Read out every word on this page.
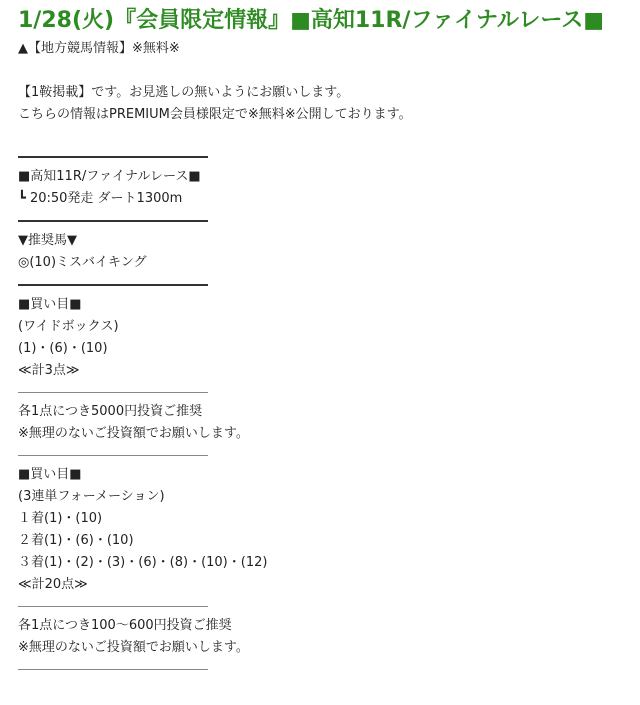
1/28(火)『会員限定情報』■高知11R/ファイナルレース■

▲【地方競馬情報】※無料※

【1鞍掲載】です。お見逃しの無いようにお願いします。

こちらの情報はPREMIUM会員様限定で※無料※公開しております。

■高知11R/ファイナルレース■

┗ 20:50発走 ダート1300m

▼推奨馬▼

◎(10)ミスバイキング

■買い目■

(ワイドボックス)

(1)・(6)・(10)

≪計3点≫

各1点につき5000円投資ご推奨

※無理のないご投資額でお願いします。

■買い目■

(3連単フォーメーション)

１着(1)・(10)

２着(1)・(6)・(10)

３着(1)・(2)・(3)・(6)・(8)・(10)・(12)

≪計20点≫

各1点につき100～600円投資ご推奨

※無理のないご投資額でお願いします。
